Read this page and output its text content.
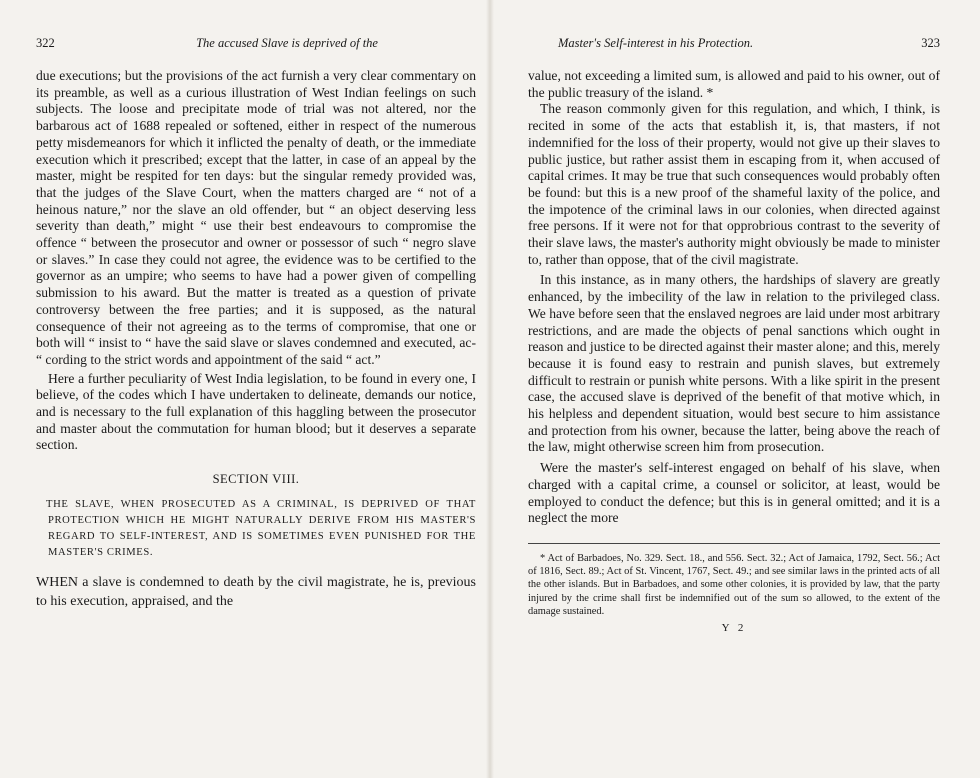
322	The accused Slave is deprived of the

due executions; but the provisions of the act furnish a very clear commentary on its preamble, as well as a curious illustration of West Indian feelings on such subjects. The loose and precipitate mode of trial was not altered, nor the barbarous act of 1688 repealed or softened, either in respect of the numerous petty misdemeanors for which it inflicted the penalty of death, or the immediate execution which it prescribed; except that the latter, in case of an appeal by the master, might be respited for ten days: but the singular remedy provided was, that the judges of the Slave Court, when the matters charged are “ not of a heinous nature,” nor the slave an old offender, but “ an object deserving less severity than death,” might “ use their best endeavours to compromise the offence “ between the prosecutor and owner or possessor of such “ negro slave or slaves.” In case they could not agree, the evidence was to be certified to the governor as an umpire; who seems to have had a power given of compelling submission to his award. But the matter is treated as a question of private controversy between the free parties; and it is supposed, as the natural consequence of their not agreeing as to the terms of compromise, that one or both will “ insist to “ have the said slave or slaves condemned and executed, ac- “ cording to the strict words and appointment of the said “ act.”

Here a further peculiarity of West India legislation, to be found in every one, I believe, of the codes which I have undertaken to delineate, demands our notice, and is necessary to the full explanation of this haggling between the prosecutor and master about the commutation for human blood; but it deserves a separate section.

SECTION VIII.

THE SLAVE, WHEN PROSECUTED AS A CRIMINAL, IS DEPRIVED OF THAT PROTECTION WHICH HE MIGHT NATURALLY DERIVE FROM HIS MASTER'S REGARD TO SELF-INTEREST, AND IS SOMETIMES EVEN PUNISHED FOR THE MASTER'S CRIMES.

WHEN a slave is condemned to death by the civil magistrate, he is, previous to his execution, appraised, and the

Master's Self-interest in his Protection.	323

value, not exceeding a limited sum, is allowed and paid to his owner, out of the public treasury of the island. *

The reason commonly given for this regulation, and which, I think, is recited in some of the acts that establish it, is, that masters, if not indemnified for the loss of their property, would not give up their slaves to public justice, but rather assist them in escaping from it, when accused of capital crimes. It may be true that such consequences would probably often be found: but this is a new proof of the shameful laxity of the police, and the impotence of the criminal laws in our colonies, when directed against free persons. If it were not for that opprobrious contrast to the severity of their slave laws, the master's authority might obviously be made to minister to, rather than oppose, that of the civil magistrate.

In this instance, as in many others, the hardships of slavery are greatly enhanced, by the imbecility of the law in relation to the privileged class. We have before seen that the enslaved negroes are laid under most arbitrary restrictions, and are made the objects of penal sanctions which ought in reason and justice to be directed against their master alone; and this, merely because it is found easy to restrain and punish slaves, but extremely difficult to restrain or punish white persons. With a like spirit in the present case, the accused slave is deprived of the benefit of that motive which, in his helpless and dependent situation, would best secure to him assistance and protection from his owner, because the latter, being above the reach of the law, might otherwise screen him from prosecution.

Were the master's self-interest engaged on behalf of his slave, when charged with a capital crime, a counsel or solicitor, at least, would be employed to conduct the defence; but this is in general omitted; and it is a neglect the more

* Act of Barbadoes, No. 329. Sect. 18., and 556. Sect. 32.; Act of Jamaica, 1792, Sect. 56.; Act of 1816, Sect. 89.; Act of St. Vincent, 1767, Sect. 49.; and see similar laws in the printed acts of all the other islands. But in Barbadoes, and some other colonies, it is provided by law, that the party injured by the crime shall first be indemnified out of the sum so allowed, to the extent of the damage sustained.

Y 2
